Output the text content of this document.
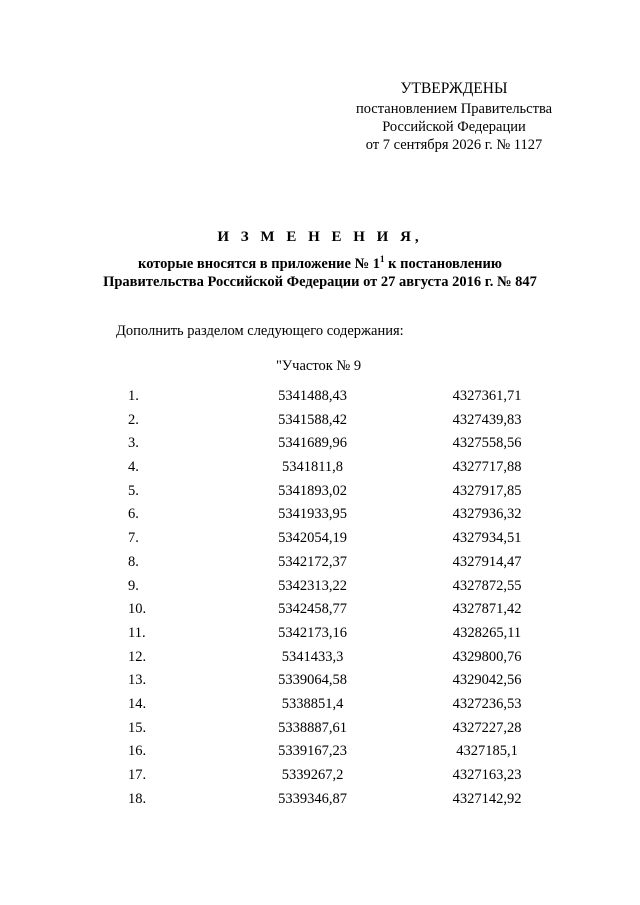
УТВЕРЖДЕНЫ
постановлением Правительства
Российской Федерации
от 7 сентября 2026 г. № 1127
И З М Е Н Е Н И Я,
которые вносятся в приложение № $1^1$ к постановлению
Правительства Российской Федерации от 27 августа 2016 г. № 847
Дополнить разделом следующего содержания:
"Участок № 9
1.	5341488,43	4327361,71
2.	5341588,42	4327439,83
3.	5341689,96	4327558,56
4.	5341811,8	4327717,88
5.	5341893,02	4327917,85
6.	5341933,95	4327936,32
7.	5342054,19	4327934,51
8.	5342172,37	4327914,47
9.	5342313,22	4327872,55
10.	5342458,77	4327871,42
11.	5342173,16	4328265,11
12.	5341433,3	4329800,76
13.	5339064,58	4329042,56
14.	5338851,4	4327236,53
15.	5338887,61	4327227,28
16.	5339167,23	4327185,1
17.	5339267,2	4327163,23
18.	5339346,87	4327142,92
